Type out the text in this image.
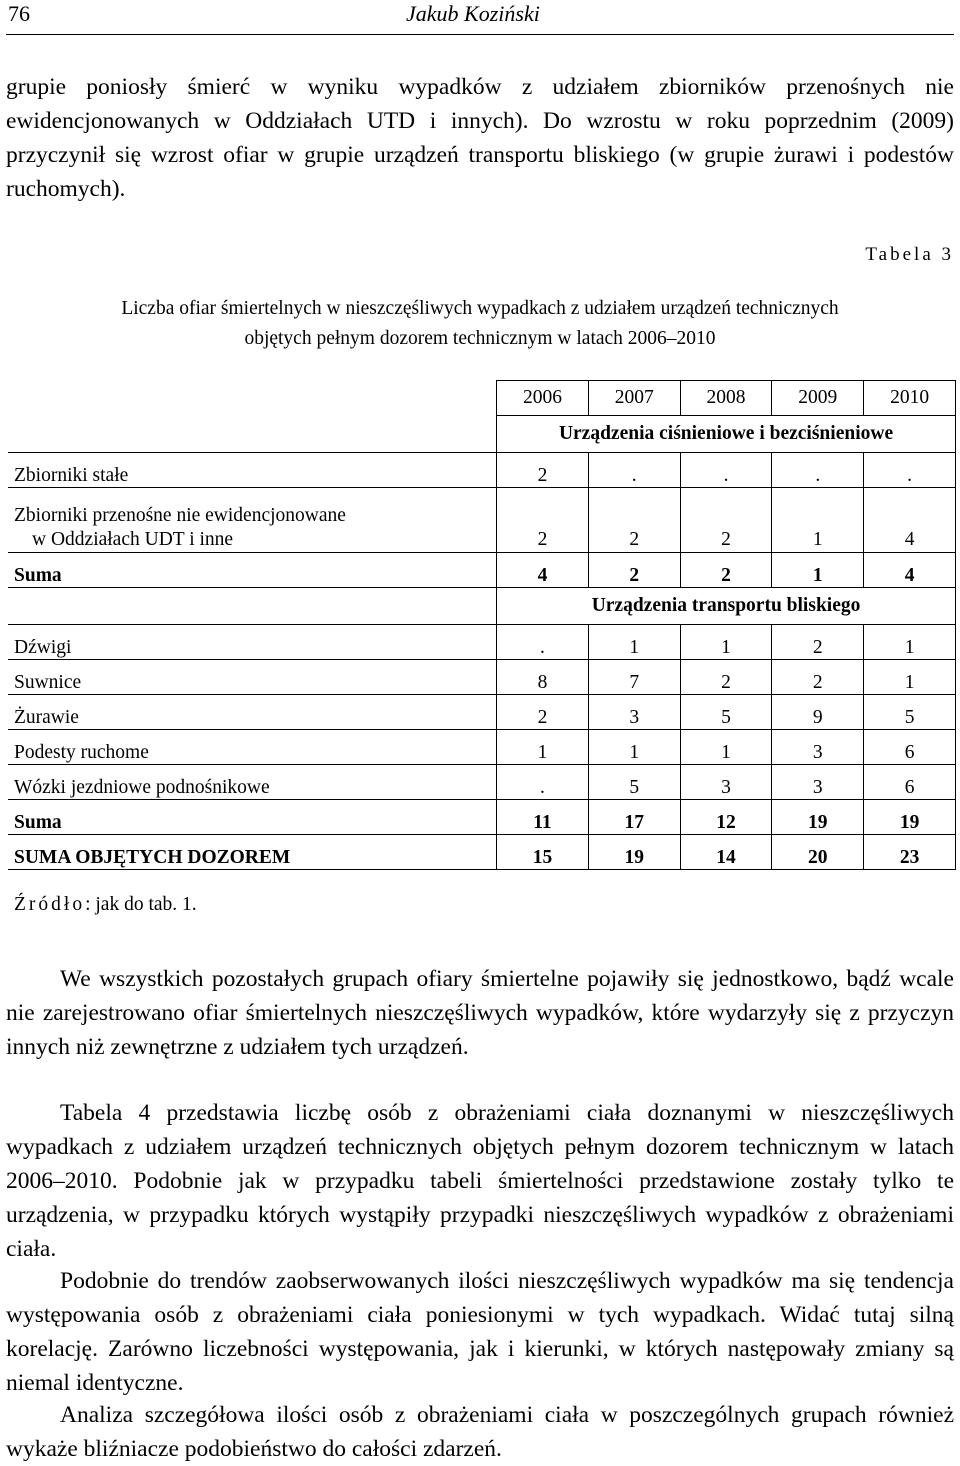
76	Jakub Koziński

grupie poniosły śmierć w wyniku wypadków z udziałem zbiorników przenośnych nie ewidencjonowanych w Oddziałach UTD i innych). Do wzrostu w roku poprzednim (2009) przyczynił się wzrost ofiar w grupie urządzeń transportu bliskiego (w grupie żurawi i podestów ruchomych).

Tabela 3
Liczba ofiar śmiertelnych w nieszczęśliwych wypadkach z udziałem urządzeń technicznych
objętych pełnym dozorem technicznym w latach 2006–2010
	2006	2007	2008	2009	2010
	Urządzenia ciśnieniowe i bezciśnieniowe				
Zbiorniki stałe	2	.	.	.	.

Zbiorniki przenośne nie ewidencjonowane
w Oddziałach UDT i inne	2	2	2	1	4
Suma	4	2	2	1	4
	Urządzenia transportu bliskiego				
Dźwigi	.	1	1	2	1
Suwnice	8	7	2	2	1
Żurawie	2	3	5	9	5
Podesty ruchome	1	1	1	3	6
Wózki jezdniowe podnośnikowe	.	5	3	3	6
Suma	11	17	12	19	19
SUMA OBJĘTYCH DOZOREM	15	19	14	20	23
Źródło: jak do tab. 1.

We wszystkich pozostałych grupach ofiary śmiertelne pojawiły się jednostkowo, bądź wcale nie zarejestrowano ofiar śmiertelnych nieszczęśliwych wypadków, które wydarzyły się z przyczyn innych niż zewnętrzne z udziałem tych urządzeń.

Tabela 4 przedstawia liczbę osób z obrażeniami ciała doznanymi w nieszczęśliwych wypadkach z udziałem urządzeń technicznych objętych pełnym dozorem technicznym w latach 2006–2010. Podobnie jak w przypadku tabeli śmiertelności przedstawione zostały tylko te urządzenia, w przypadku których wystąpiły przypadki nieszczęśliwych wypadków z obrażeniami ciała.

Podobnie do trendów zaobserwowanych ilości nieszczęśliwych wypadków ma się tendencja występowania osób z obrażeniami ciała poniesionymi w tych wypadkach. Widać tutaj silną korelację. Zarówno liczebności występowania, jak i kierunki, w których następowały zmiany są niemal identyczne.

Analiza szczegółowa ilości osób z obrażeniami ciała w poszczególnych grupach również wykaże bliźniacze podobieństwo do całości zdarzeń.
